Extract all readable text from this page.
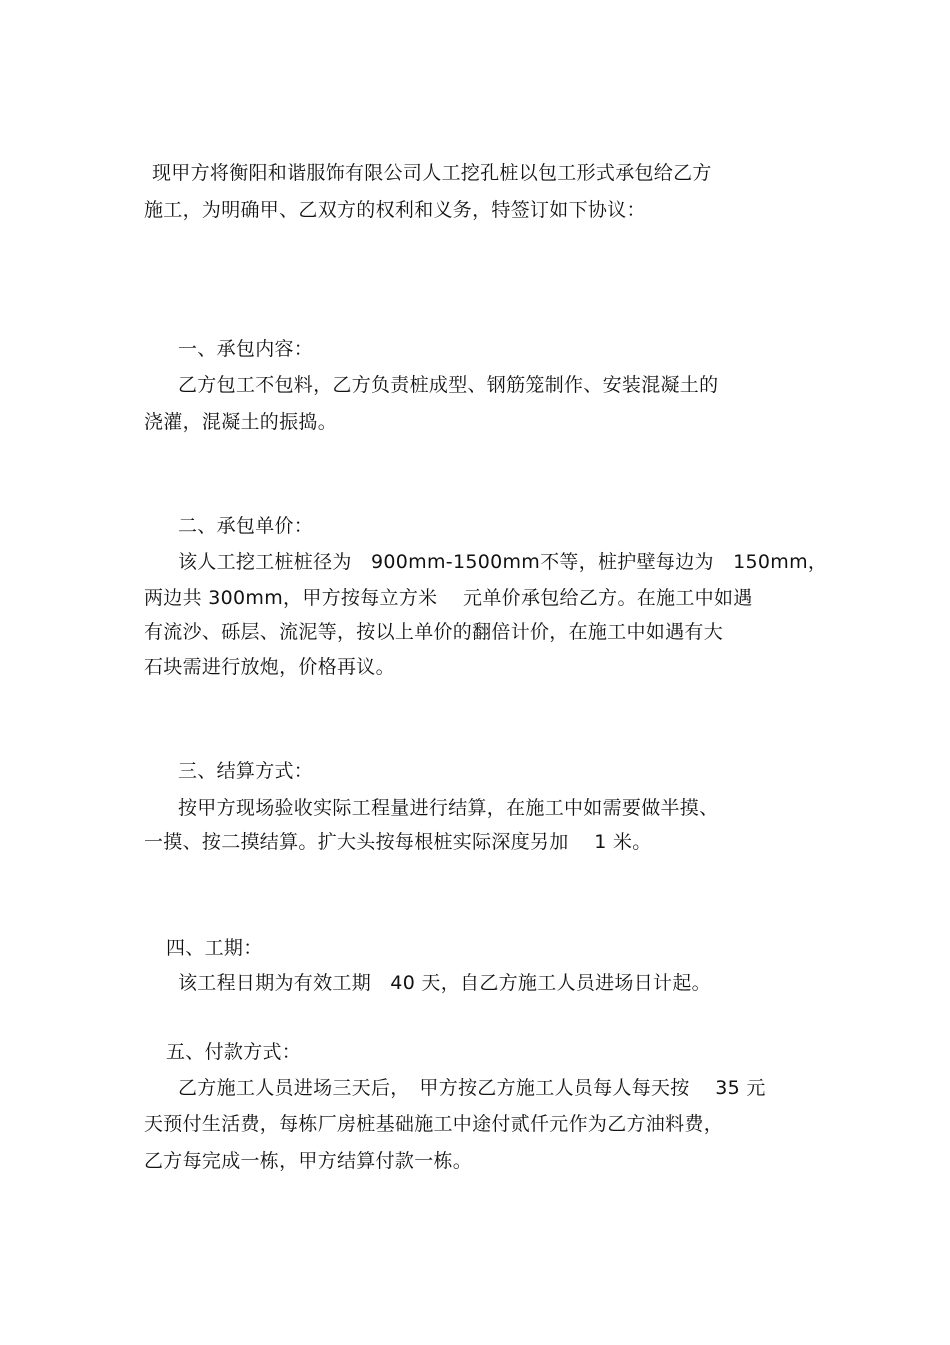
现甲方将衡阳和谐服饰有限公司人工挖孔桩以包工形式承包给乙方
施工，为明确甲、乙双方的权利和义务，特签订如下协议：
一、承包内容：
乙方包工不包料，乙方负责桩成型、钢筋笼制作、安装混凝土的
浇灌，混凝土的振捣。
二、承包单价：
该人工挖工桩桩径为　900mm-1500mm不等，桩护壁每边为　150mm，
两边共 300mm，甲方按每立方米　 元单价承包给乙方。在施工中如遇
有流沙、砾层、流泥等，按以上单价的翻倍计价，在施工中如遇有大
石块需进行放炮，价格再议。
三、结算方式：
按甲方现场验收实际工程量进行结算，在施工中如需要做半摸、
一摸、按二摸结算。扩大头按每根桩实际深度另加　 1 米。
四、工期：
该工程日期为有效工期　40 天，自乙方施工人员进场日计起。
五、付款方式：
乙方施工人员进场三天后，　甲方按乙方施工人员每人每天按　 35 元
天预付生活费，每栋厂房桩基础施工中途付贰仟元作为乙方油料费，
乙方每完成一栋，甲方结算付款一栋。
